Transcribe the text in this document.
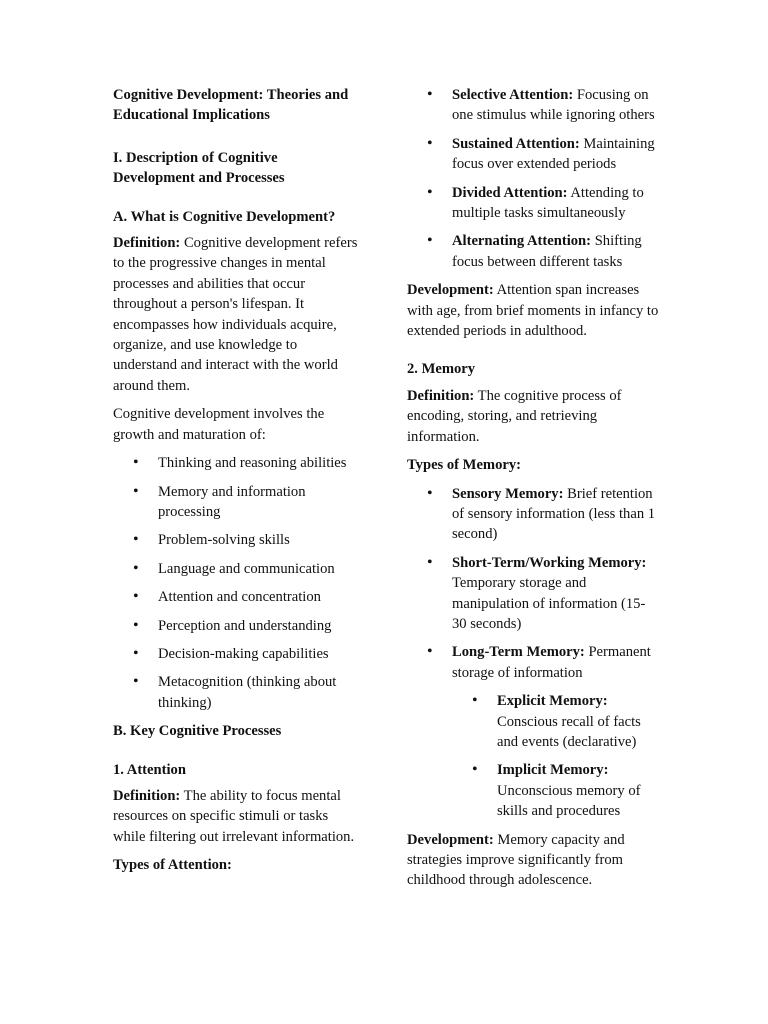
Cognitive Development: Theories and Educational Implications

I. Description of Cognitive Development and Processes

A. What is Cognitive Development?

Definition: Cognitive development refers to the progressive changes in mental processes and abilities that occur throughout a person's lifespan. It encompasses how individuals acquire, organize, and use knowledge to understand and interact with the world around them.

Cognitive development involves the growth and maturation of:

• Thinking and reasoning abilities
• Memory and information processing
• Problem-solving skills
• Language and communication
• Attention and concentration
• Perception and understanding
• Decision-making capabilities
• Metacognition (thinking about thinking)

B. Key Cognitive Processes

1. Attention

Definition: The ability to focus mental resources on specific stimuli or tasks while filtering out irrelevant information.

Types of Attention:

• Selective Attention: Focusing on one stimulus while ignoring others
• Sustained Attention: Maintaining focus over extended periods
• Divided Attention: Attending to multiple tasks simultaneously
• Alternating Attention: Shifting focus between different tasks

Development: Attention span increases with age, from brief moments in infancy to extended periods in adulthood.

2. Memory

Definition: The cognitive process of encoding, storing, and retrieving information.

Types of Memory:

• Sensory Memory: Brief retention of sensory information (less than 1 second)
• Short-Term/Working Memory: Temporary storage and manipulation of information (15-30 seconds)
• Long-Term Memory: Permanent storage of information
• Explicit Memory: Conscious recall of facts and events (declarative)
• Implicit Memory: Unconscious memory of skills and procedures

Development: Memory capacity and strategies improve significantly from childhood through adolescence.
